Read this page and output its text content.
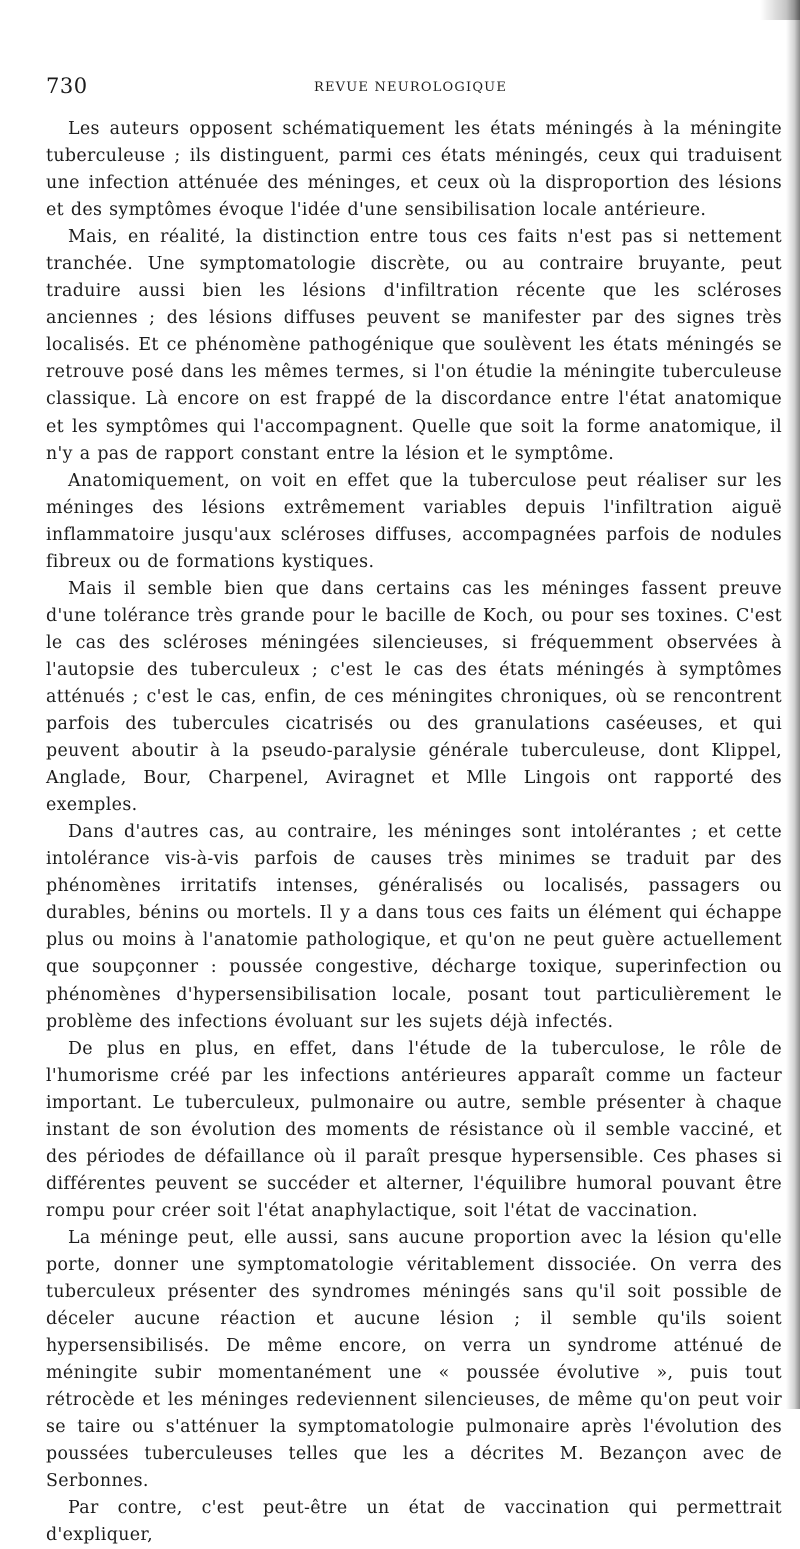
730	REVUE NEUROLOGIQUE

Les auteurs opposent schématiquement les états méningés à la méningite tuberculeuse ; ils distinguent, parmi ces états méningés, ceux qui traduisent une infection atténuée des méninges, et ceux où la disproportion des lésions et des symptômes évoque l'idée d'une sensibilisation locale antérieure.

Mais, en réalité, la distinction entre tous ces faits n'est pas si nettement tranchée. Une symptomatologie discrète, ou au contraire bruyante, peut traduire aussi bien les lésions d'infiltration récente que les scléroses anciennes ; des lésions diffuses peuvent se manifester par des signes très localisés. Et ce phénomène pathogénique que soulèvent les états méningés se retrouve posé dans les mêmes termes, si l'on étudie la méningite tuberculeuse classique. Là encore on est frappé de la discordance entre l'état anatomique et les symptômes qui l'accompagnent. Quelle que soit la forme anatomique, il n'y a pas de rapport constant entre la lésion et le symptôme.

Anatomiquement, on voit en effet que la tuberculose peut réaliser sur les méninges des lésions extrêmement variables depuis l'infiltration aiguë inflammatoire jusqu'aux scléroses diffuses, accompagnées parfois de nodules fibreux ou de formations kystiques.

Mais il semble bien que dans certains cas les méninges fassent preuve d'une tolérance très grande pour le bacille de Koch, ou pour ses toxines. C'est le cas des scléroses méningées silencieuses, si fréquemment observées à l'autopsie des tuberculeux ; c'est le cas des états méningés à symptômes atténués ; c'est le cas, enfin, de ces méningites chroniques, où se rencontrent parfois des tubercules cicatrisés ou des granulations caséeuses, et qui peuvent aboutir à la pseudo-paralysie générale tuberculeuse, dont Klippel, Anglade, Bour, Charpenel, Aviragnet et Mlle Lingois ont rapporté des exemples.

Dans d'autres cas, au contraire, les méninges sont intolérantes ; et cette intolérance vis-à-vis parfois de causes très minimes se traduit par des phénomènes irritatifs intenses, généralisés ou localisés, passagers ou durables, bénins ou mortels. Il y a dans tous ces faits un élément qui échappe plus ou moins à l'anatomie pathologique, et qu'on ne peut guère actuellement que soupçonner : poussée congestive, décharge toxique, superinfection ou phénomènes d'hypersensibilisation locale, posant tout particulièrement le problème des infections évoluant sur les sujets déjà infectés.

De plus en plus, en effet, dans l'étude de la tuberculose, le rôle de l'humorisme créé par les infections antérieures apparaît comme un facteur important. Le tuberculeux, pulmonaire ou autre, semble présenter à chaque instant de son évolution des moments de résistance où il semble vacciné, et des périodes de défaillance où il paraît presque hypersensible. Ces phases si différentes peuvent se succéder et alterner, l'équilibre humoral pouvant être rompu pour créer soit l'état anaphylactique, soit l'état de vaccination.

La méninge peut, elle aussi, sans aucune proportion avec la lésion qu'elle porte, donner une symptomatologie véritablement dissociée. On verra des tuberculeux présenter des syndromes méningés sans qu'il soit possible de déceler aucune réaction et aucune lésion ; il semble qu'ils soient hypersensibilisés. De même encore, on verra un syndrome atténué de méningite subir momentanément une « poussée évolutive », puis tout rétrocède et les méninges redeviennent silencieuses, de même qu'on peut voir se taire ou s'atténuer la symptomatologie pulmonaire après l'évolution des poussées tuberculeuses telles que les a décrites M. Bezançon avec de Serbonnes.

Par contre, c'est peut-être un état de vaccination qui permettrait d'expliquer,
